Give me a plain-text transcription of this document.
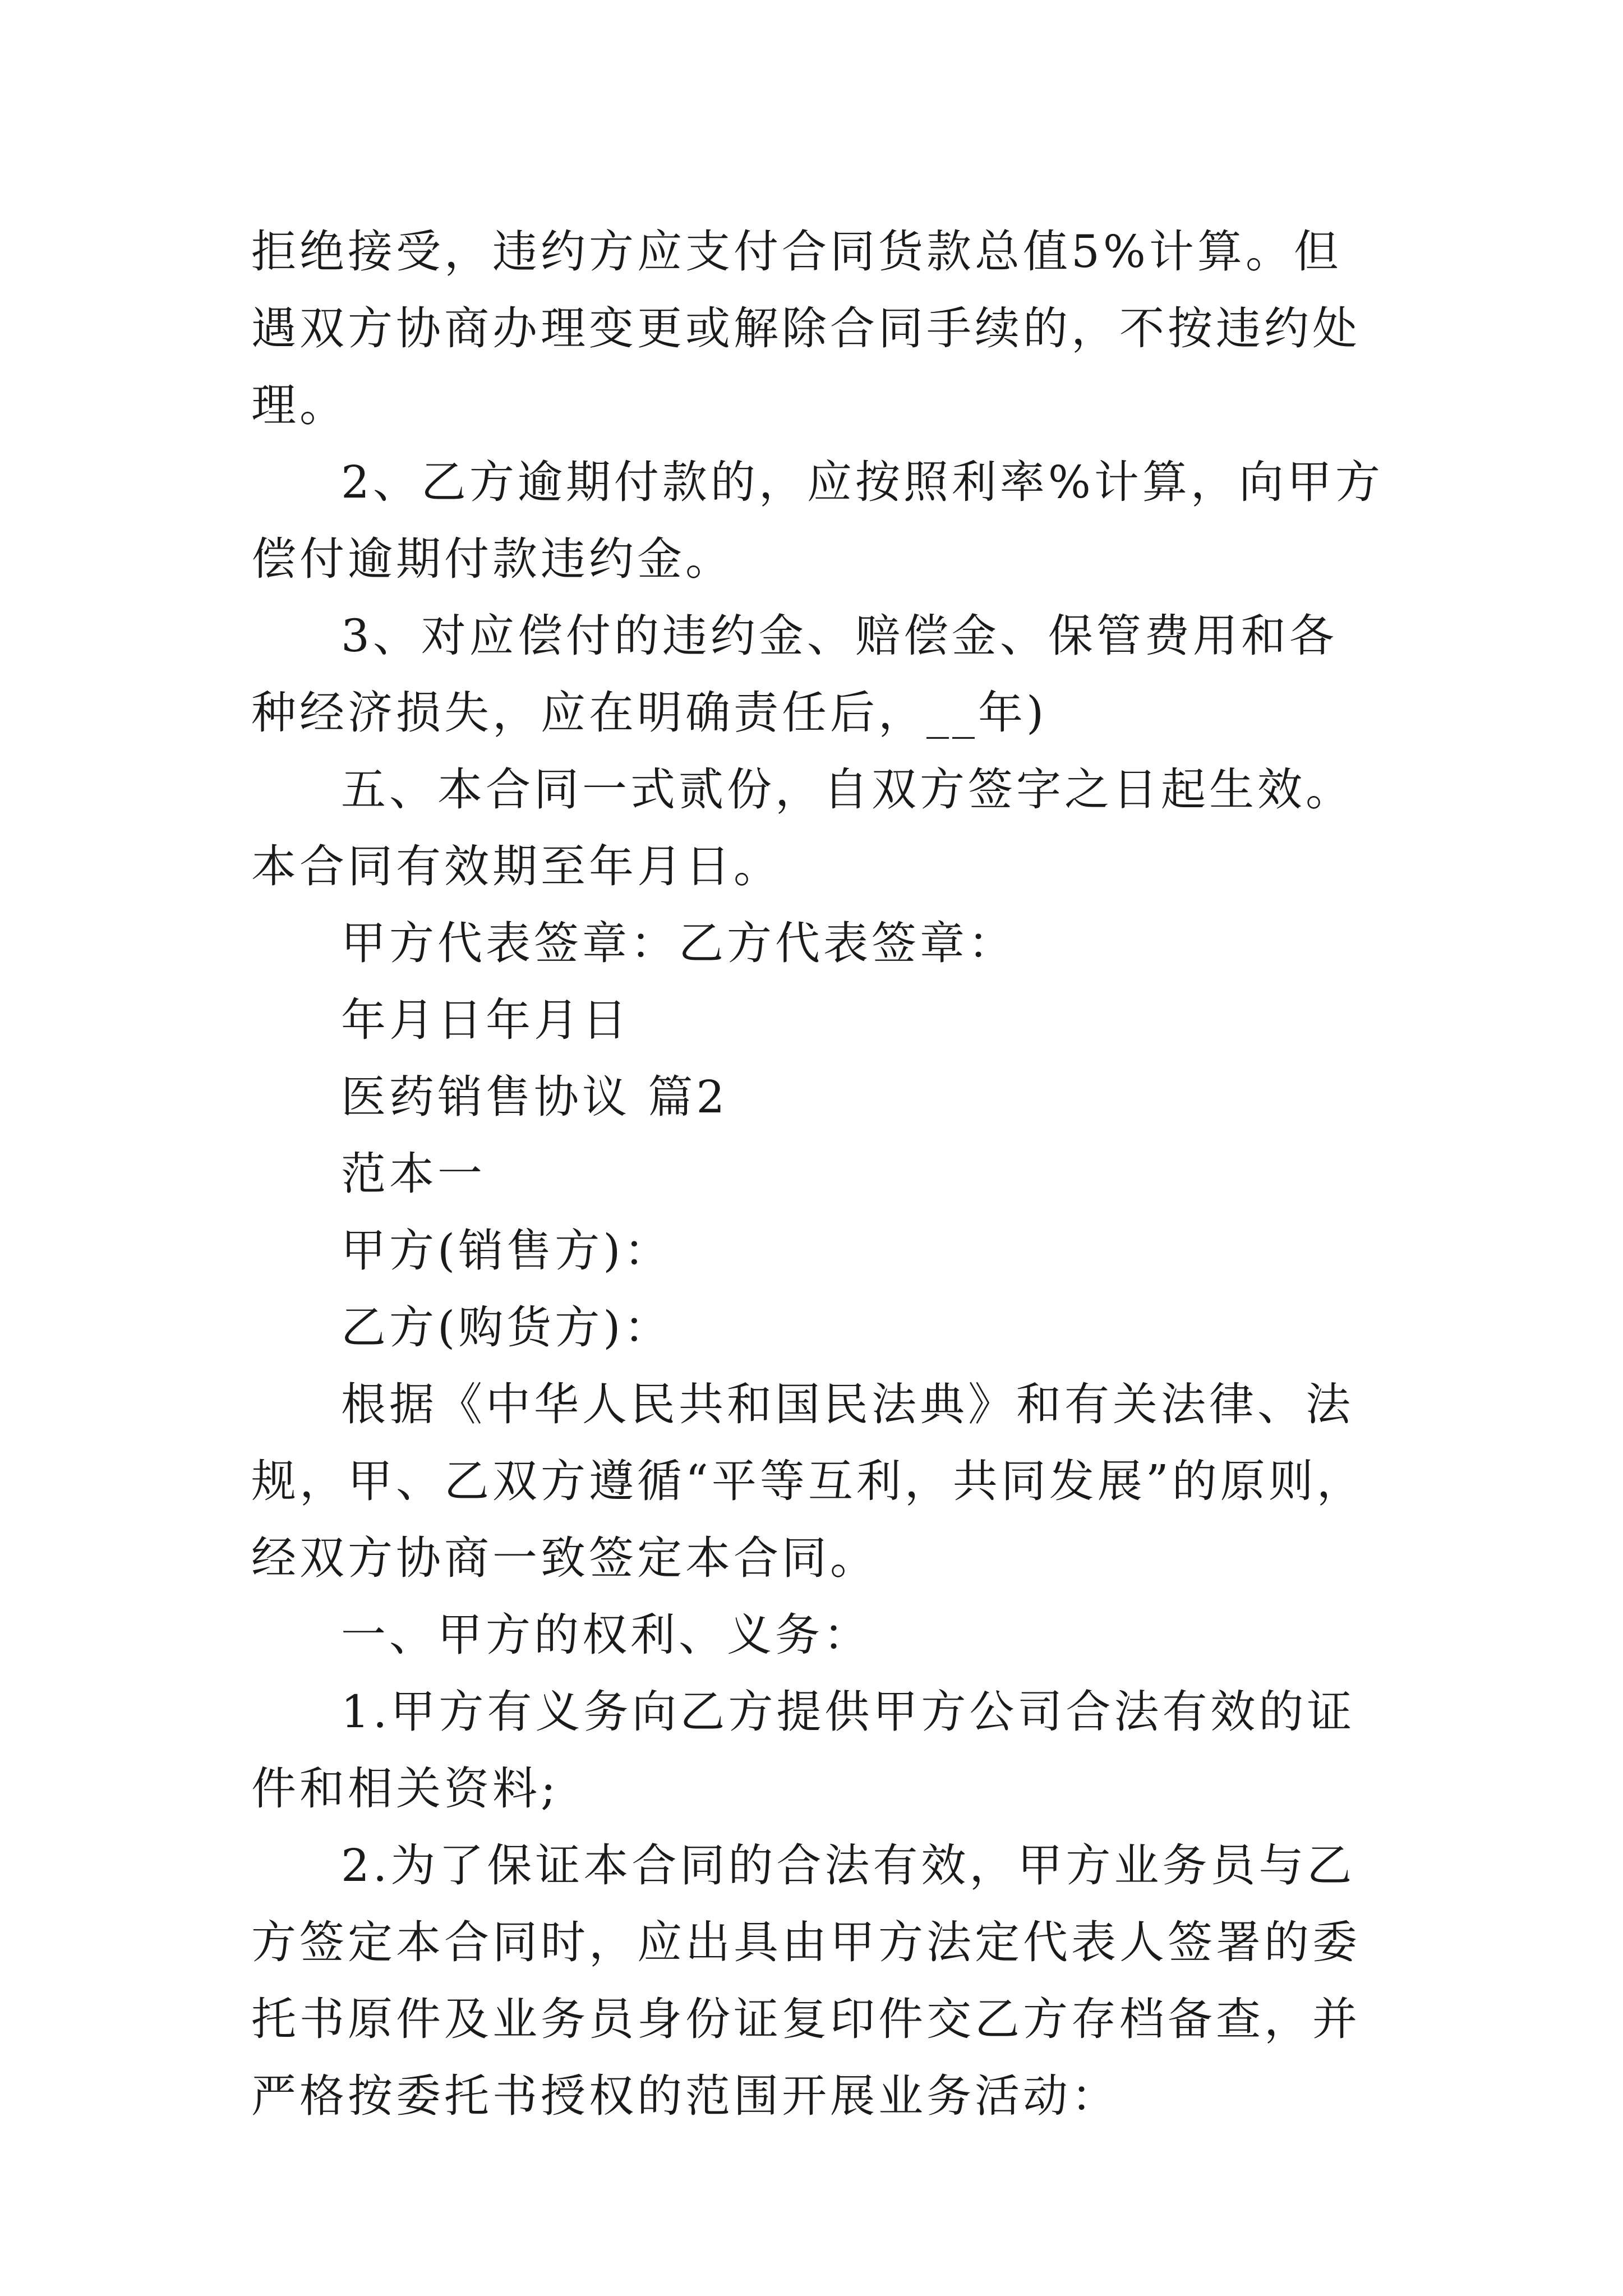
拒绝接受，违约方应支付合同货款总值5%计算。但遇双方协商办理变更或解除合同手续的，不按违约处理。

2、乙方逾期付款的，应按照利率%计算，向甲方偿付逾期付款违约金。

3、对应偿付的违约金、赔偿金、保管费用和各种经济损失，应在明确责任后，__年)

五、本合同一式贰份，自双方签字之日起生效。本合同有效期至年月日。

甲方代表签章：乙方代表签章：

年月日年月日

医药销售协议 篇2

范本一

甲方(销售方)：

乙方(购货方)：

根据《中华人民共和国民法典》和有关法律、法规，甲、乙双方遵循“平等互利，共同发展”的原则，经双方协商一致签定本合同。

一、甲方的权利、义务：

1.甲方有义务向乙方提供甲方公司合法有效的证件和相关资料;

2.为了保证本合同的合法有效，甲方业务员与乙方签定本合同时，应出具由甲方法定代表人签署的委托书原件及业务员身份证复印件交乙方存档备查，并严格按委托书授权的范围开展业务活动：
